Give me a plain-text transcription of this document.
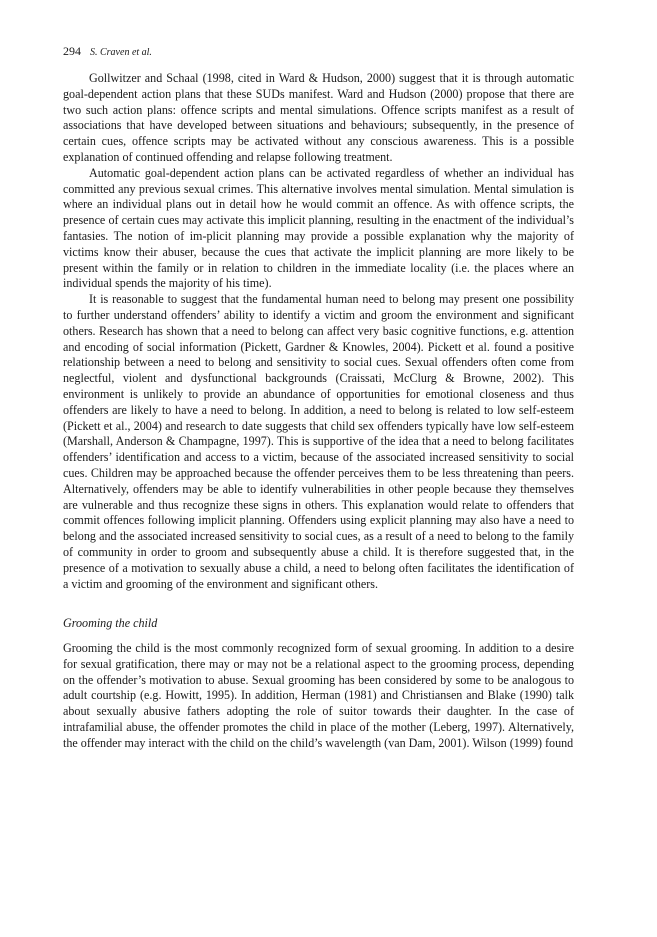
294 S. Craven et al.

Gollwitzer and Schaal (1998, cited in Ward & Hudson, 2000) suggest that it is through automatic goal-dependent action plans that these SUDs manifest. Ward and Hudson (2000) propose that there are two such action plans: offence scripts and mental simulations. Offence scripts manifest as a result of associations that have developed between situations and behaviours; subsequently, in the presence of certain cues, offence scripts may be activated without any conscious awareness. This is a possible explanation of continued offending and relapse following treatment.

Automatic goal-dependent action plans can be activated regardless of whether an individual has committed any previous sexual crimes. This alternative involves mental simulation. Mental simulation is where an individual plans out in detail how he would commit an offence. As with offence scripts, the presence of certain cues may activate this implicit planning, resulting in the enactment of the individual’s fantasies. The notion of im-plicit planning may provide a possible explanation why the majority of victims know their abuser, because the cues that activate the implicit planning are more likely to be present within the family or in relation to children in the immediate locality (i.e. the places where an individual spends the majority of his time).

It is reasonable to suggest that the fundamental human need to belong may present one possibility to further understand offenders’ ability to identify a victim and groom the environment and significant others. Research has shown that a need to belong can affect very basic cognitive functions, e.g. attention and encoding of social information (Pickett, Gardner & Knowles, 2004). Pickett et al. found a positive relationship between a need to belong and sensitivity to social cues. Sexual offenders often come from neglectful, violent and dysfunctional backgrounds (Craissati, McClurg & Browne, 2002). This environment is unlikely to provide an abundance of opportunities for emotional closeness and thus offenders are likely to have a need to belong. In addition, a need to belong is related to low self-esteem (Pickett et al., 2004) and research to date suggests that child sex offenders typically have low self-esteem (Marshall, Anderson & Champagne, 1997). This is supportive of the idea that a need to belong facilitates offenders’ identification and access to a victim, because of the associated increased sensitivity to social cues. Children may be approached because the offender perceives them to be less threatening than peers. Alternatively, offenders may be able to identify vulnerabilities in other people because they themselves are vulnerable and thus recognize these signs in others. This explanation would relate to offenders that commit offences following implicit planning. Offenders using explicit planning may also have a need to belong and the associated increased sensitivity to social cues, as a result of a need to belong to the family of community in order to groom and subsequently abuse a child. It is therefore suggested that, in the presence of a motivation to sexually abuse a child, a need to belong often facilitates the identification of a victim and grooming of the environment and significant others.

Grooming the child

Grooming the child is the most commonly recognized form of sexual grooming. In addition to a desire for sexual gratification, there may or may not be a relational aspect to the grooming process, depending on the offender’s motivation to abuse. Sexual grooming has been considered by some to be analogous to adult courtship (e.g. Howitt, 1995). In addition, Herman (1981) and Christiansen and Blake (1990) talk about sexually abusive fathers adopting the role of suitor towards their daughter. In the case of intrafamilial abuse, the offender promotes the child in place of the mother (Leberg, 1997). Alternatively, the offender may interact with the child on the child’s wavelength (van Dam, 2001). Wilson (1999) found
